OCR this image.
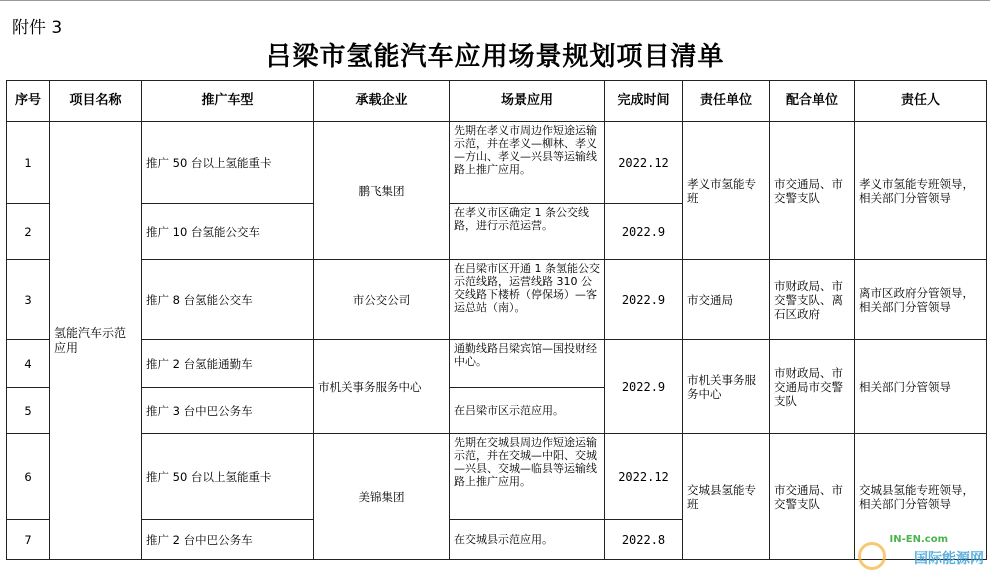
附件 3
吕梁市氢能汽车应用场景规划项目清单
序号	项目名称	推广车型	承载企业	场景应用	完成时间	责任单位	配合单位	责任人
1	氢能汽车示范应用	推广 50 台以上氢能重卡	鹏飞集团	先期在孝义市周边作短途运输示范，并在孝义—柳林、孝义—方山、孝义—兴县等运输线路上推广应用。	2022.12	孝义市氢能专班	市交通局、市交警支队	孝义市氢能专班领导，相关部门分管领导
2		推广 10 台氢能公交车		在孝义市区确定 1 条公交线路，进行示范运营。	2022.9			
3		推广 8 台氢能公交车	市公交公司	在吕梁市区开通 1 条氢能公交示范线路，运营线路 310 公交线路下楼桥（停保场）—客运总站（南）。	2022.9	市交通局	市财政局、市交警支队、离石区政府	离市区政府分管领导，相关部门分管领导
4		推广 2 台氢能通勤车	市机关事务服务中心	通勤线路吕梁宾馆—国投财经中心。	2022.9	市机关事务服务中心	市财政局、市交通局市交警支队	相关部门分管领导
5		推广 3 台中巴公务车		在吕梁市区示范应用。				
6		推广 50 台以上氢能重卡	美锦集团	先期在交城县周边作短途运输示范，并在交城—中阳、交城—兴县、交城—临县等运输线路上推广应用。	2022.12	交城县氢能专班	市交通局、市交警支队	交城县氢能专班领导，相关部门分管领导
7		推广 2 台中巴公务车		在交城县示范应用。	2022.8				IN-EN.com
国际能源网
